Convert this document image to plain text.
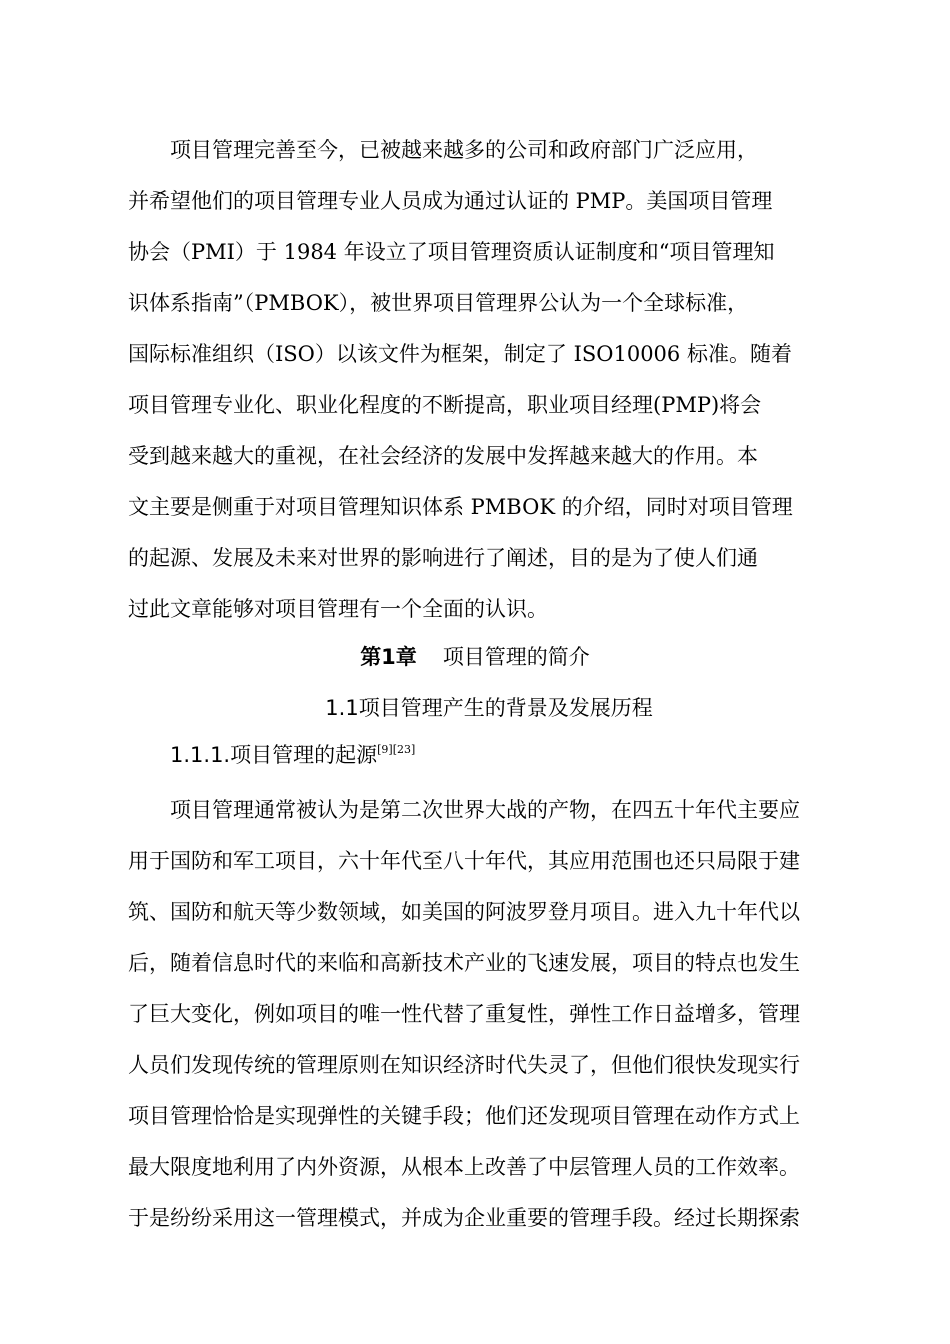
项目管理完善至今，已被越来越多的公司和政府部门广泛应用，
并希望他们的项目管理专业人员成为通过认证的 PMP。美国项目管理
协会（PMI）于 1984 年设立了项目管理资质认证制度和“项目管理知
识体系指南”（PMBOK），被世界项目管理界公认为一个全球标准，
国际标准组织（ISO）以该文件为框架，制定了 ISO10006 标准。随着
项目管理专业化、职业化程度的不断提高，职业项目经理(PMP)将会
受到越来越大的重视，在社会经济的发展中发挥越来越大的作用。本
文主要是侧重于对项目管理知识体系 PMBOK 的介绍，同时对项目管理
的起源、发展及未来对世界的影响进行了阐述，目的是为了使人们通
过此文章能够对项目管理有一个全面的认识。
第1章 项目管理的简介
1.1项目管理产生的背景及发展历程
1.1.1.项目管理的起源[9][23]
项目管理通常被认为是第二次世界大战的产物，在四五十年代主要应
用于国防和军工项目，六十年代至八十年代，其应用范围也还只局限于建
筑、国防和航天等少数领域，如美国的阿波罗登月项目。进入九十年代以
后，随着信息时代的来临和高新技术产业的飞速发展，项目的特点也发生
了巨大变化，例如项目的唯一性代替了重复性，弹性工作日益增多，管理
人员们发现传统的管理原则在知识经济时代失灵了，但他们很快发现实行
项目管理恰恰是实现弹性的关键手段；他们还发现项目管理在动作方式上
最大限度地利用了内外资源，从根本上改善了中层管理人员的工作效率。
于是纷纷采用这一管理模式，并成为企业重要的管理手段。经过长期探索
